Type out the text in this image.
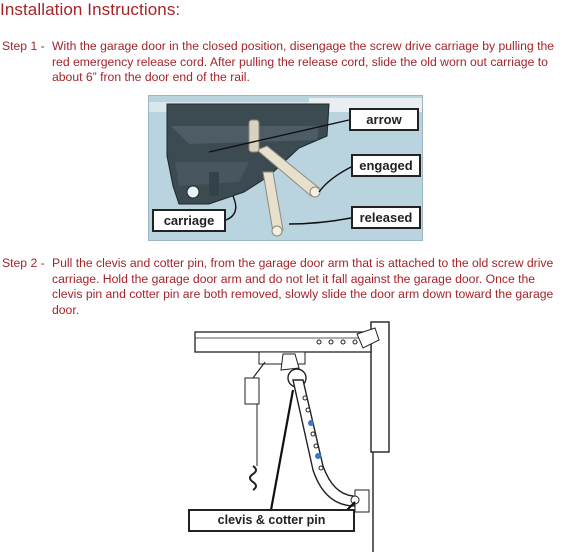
Installation Instructions:
Step 1 - With the garage door in the closed position, disengage the screw drive carriage by pulling the red emergency release cord. After pulling the release cord, slide the old worn out carriage to about 6” fron the door end of the rail.
arrow
engaged
released
carriage
Step 2 - Pull the clevis and cotter pin, from the garage door arm that is attached to the old screw drive carriage. Hold the garage door arm and do not let it fall against the garage door. Once the clevis pin and cotter pin are both removed, slowly slide the door arm down toward the garage door.
clevis & cotter pin
